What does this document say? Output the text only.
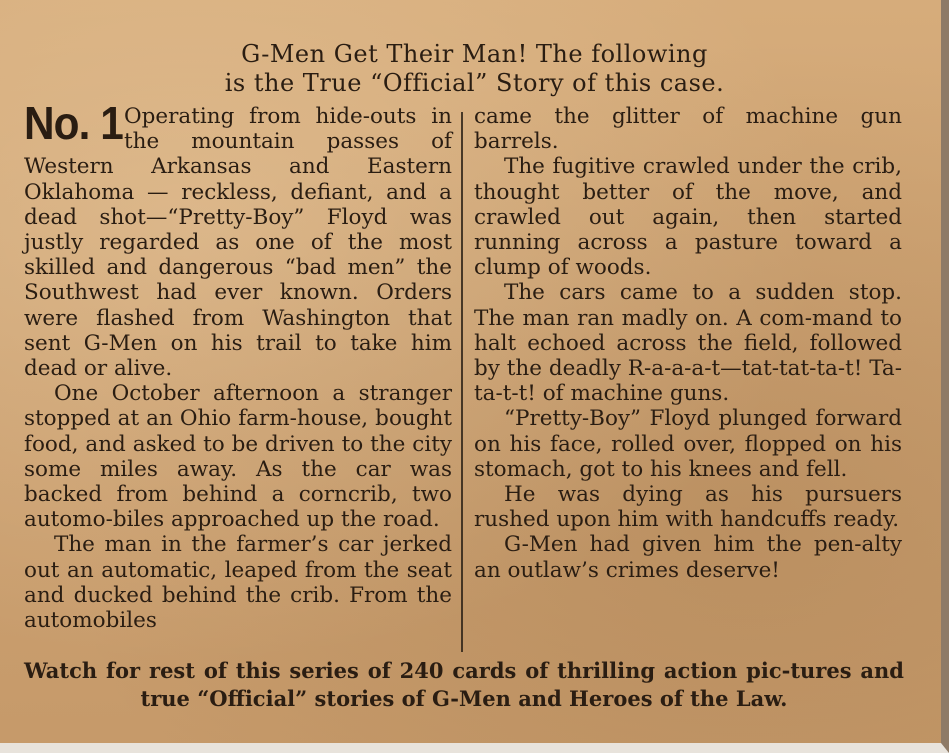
G-Men Get Their Man! The following
is the True “Official” Story of this case.
No. 1 Operating from hide-outs in the mountain passes of Western Arkansas and Eastern Oklahoma — reckless, defiant, and a dead shot—“Pretty-Boy” Floyd was justly regarded as one of the most skilled and dangerous “bad men” the Southwest had ever known. Orders were flashed from Washington that sent G-Men on his trail to take him dead or alive.

One October afternoon a stranger stopped at an Ohio farm-house, bought food, and asked to be driven to the city some miles away. As the car was backed from behind a corncrib, two automo-biles approached up the road.

The man in the farmer’s car jerked out an automatic, leaped from the seat and ducked behind the crib. From the automobiles

came the glitter of machine gun barrels.

The fugitive crawled under the crib, thought better of the move, and crawled out again, then started running across a pasture toward a clump of woods.

The cars came to a sudden stop. The man ran madly on. A com-mand to halt echoed across the field, followed by the deadly R-a-a-a-t—tat-tat-ta-t! Ta-ta-t-t! of machine guns.

“Pretty-Boy” Floyd plunged forward on his face, rolled over, flopped on his stomach, got to his knees and fell.

He was dying as his pursuers rushed upon him with handcuffs ready.

G-Men had given him the pen-alty an outlaw’s crimes deserve!

Watch for rest of this series of 240 cards of thrilling action pic-tures and true “Official” stories of G-Men and Heroes of the Law.
